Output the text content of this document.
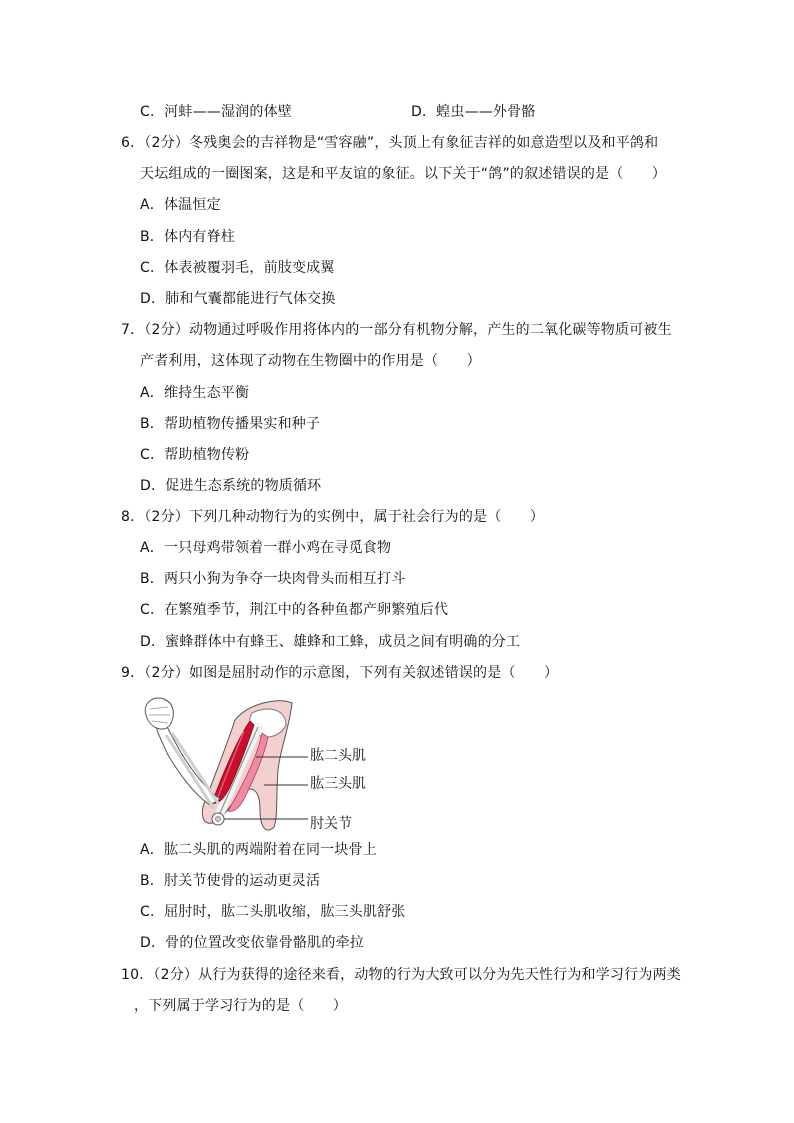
C．河蚌——湿润的体壁	D．蝗虫——外骨骼
6．（2分）冬残奥会的吉祥物是“雪容融”，头顶上有象征吉祥的如意造型以及和平鸽和
天坛组成的一圈图案，这是和平友谊的象征。以下关于“鸽”的叙述错误的是（　　）
A．体温恒定
B．体内有脊柱
C．体表被覆羽毛，前肢变成翼
D．肺和气囊都能进行气体交换
7．（2分）动物通过呼吸作用将体内的一部分有机物分解，产生的二氧化碳等物质可被生
产者利用，这体现了动物在生物圈中的作用是（　　）
A．维持生态平衡
B．帮助植物传播果实和种子
C．帮助植物传粉
D．促进生态系统的物质循环
8．（2分）下列几种动物行为的实例中，属于社会行为的是（　　）
A．一只母鸡带领着一群小鸡在寻觅食物
B．两只小狗为争夺一块肉骨头而相互打斗
C．在繁殖季节，荆江中的各种鱼都产卵繁殖后代
D．蜜蜂群体中有蜂王、雄蜂和工蜂，成员之间有明确的分工
9．（2分）如图是屈肘动作的示意图，下列有关叙述错误的是（　　）
肱二头肌
肱三头肌
肘关节
A．肱二头肌的两端附着在同一块骨上
B．肘关节使骨的运动更灵活
C．屈肘时，肱二头肌收缩，肱三头肌舒张
D．骨的位置改变依靠骨骼肌的牵拉
10．（2分）从行为获得的途径来看，动物的行为大致可以分为先天性行为和学习行为两类
，下列属于学习行为的是（　　）
